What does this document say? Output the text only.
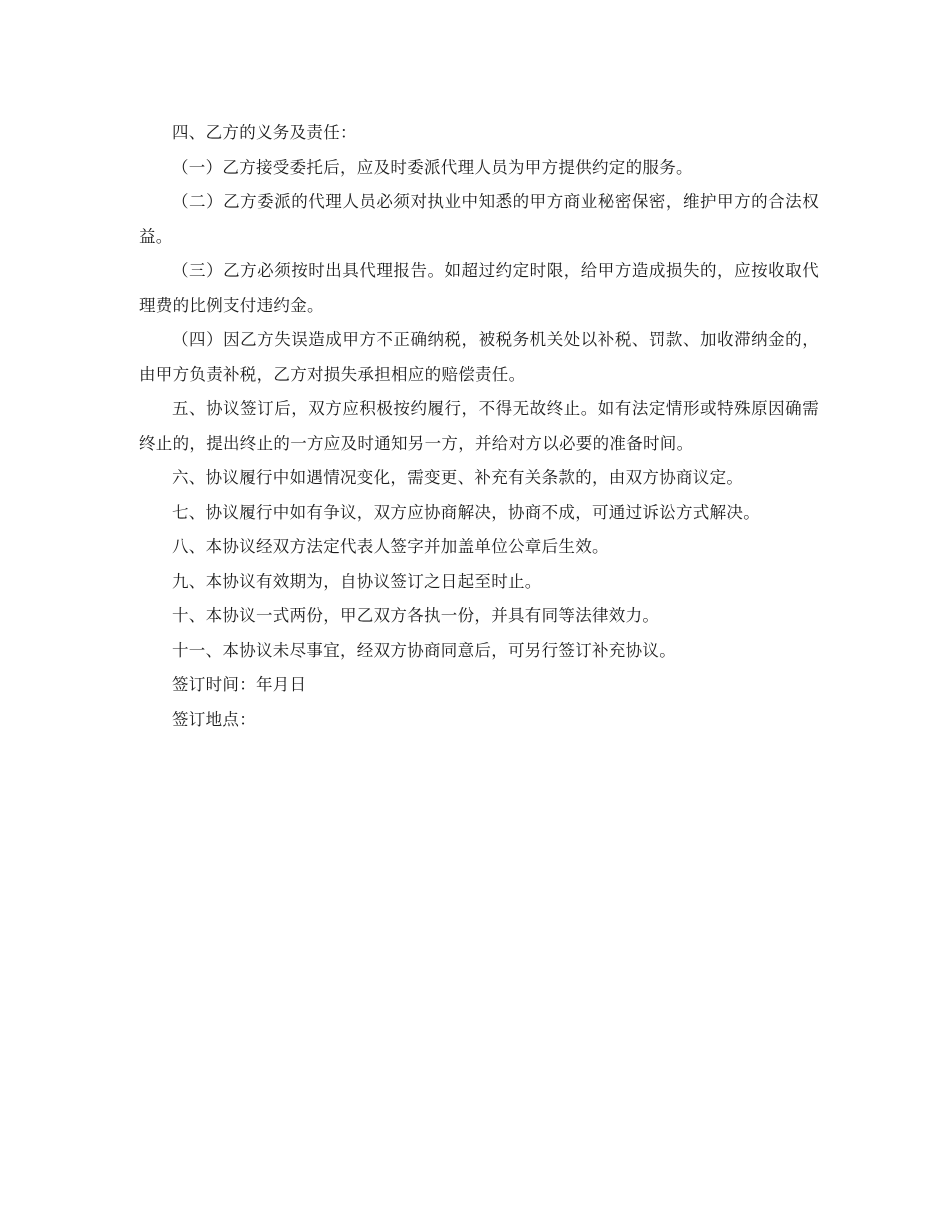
四、乙方的义务及责任：

（一）乙方接受委托后，应及时委派代理人员为甲方提供约定的服务。

（二）乙方委派的代理人员必须对执业中知悉的甲方商业秘密保密，维护甲方的合法权益。

（三）乙方必须按时出具代理报告。如超过约定时限，给甲方造成损失的，应按收取代理费的比例支付违约金。

（四）因乙方失误造成甲方不正确纳税，被税务机关处以补税、罚款、加收滞纳金的，由甲方负责补税，乙方对损失承担相应的赔偿责任。

五、协议签订后，双方应积极按约履行，不得无故终止。如有法定情形或特殊原因确需终止的，提出终止的一方应及时通知另一方，并给对方以必要的准备时间。

六、协议履行中如遇情况变化，需变更、补充有关条款的，由双方协商议定。

七、协议履行中如有争议，双方应协商解决，协商不成，可通过诉讼方式解决。

八、本协议经双方法定代表人签字并加盖单位公章后生效。

九、本协议有效期为，自协议签订之日起至时止。

十、本协议一式两份，甲乙双方各执一份，并具有同等法律效力。

十一、本协议未尽事宜，经双方协商同意后，可另行签订补充协议。

签订时间：年月日

签订地点：
